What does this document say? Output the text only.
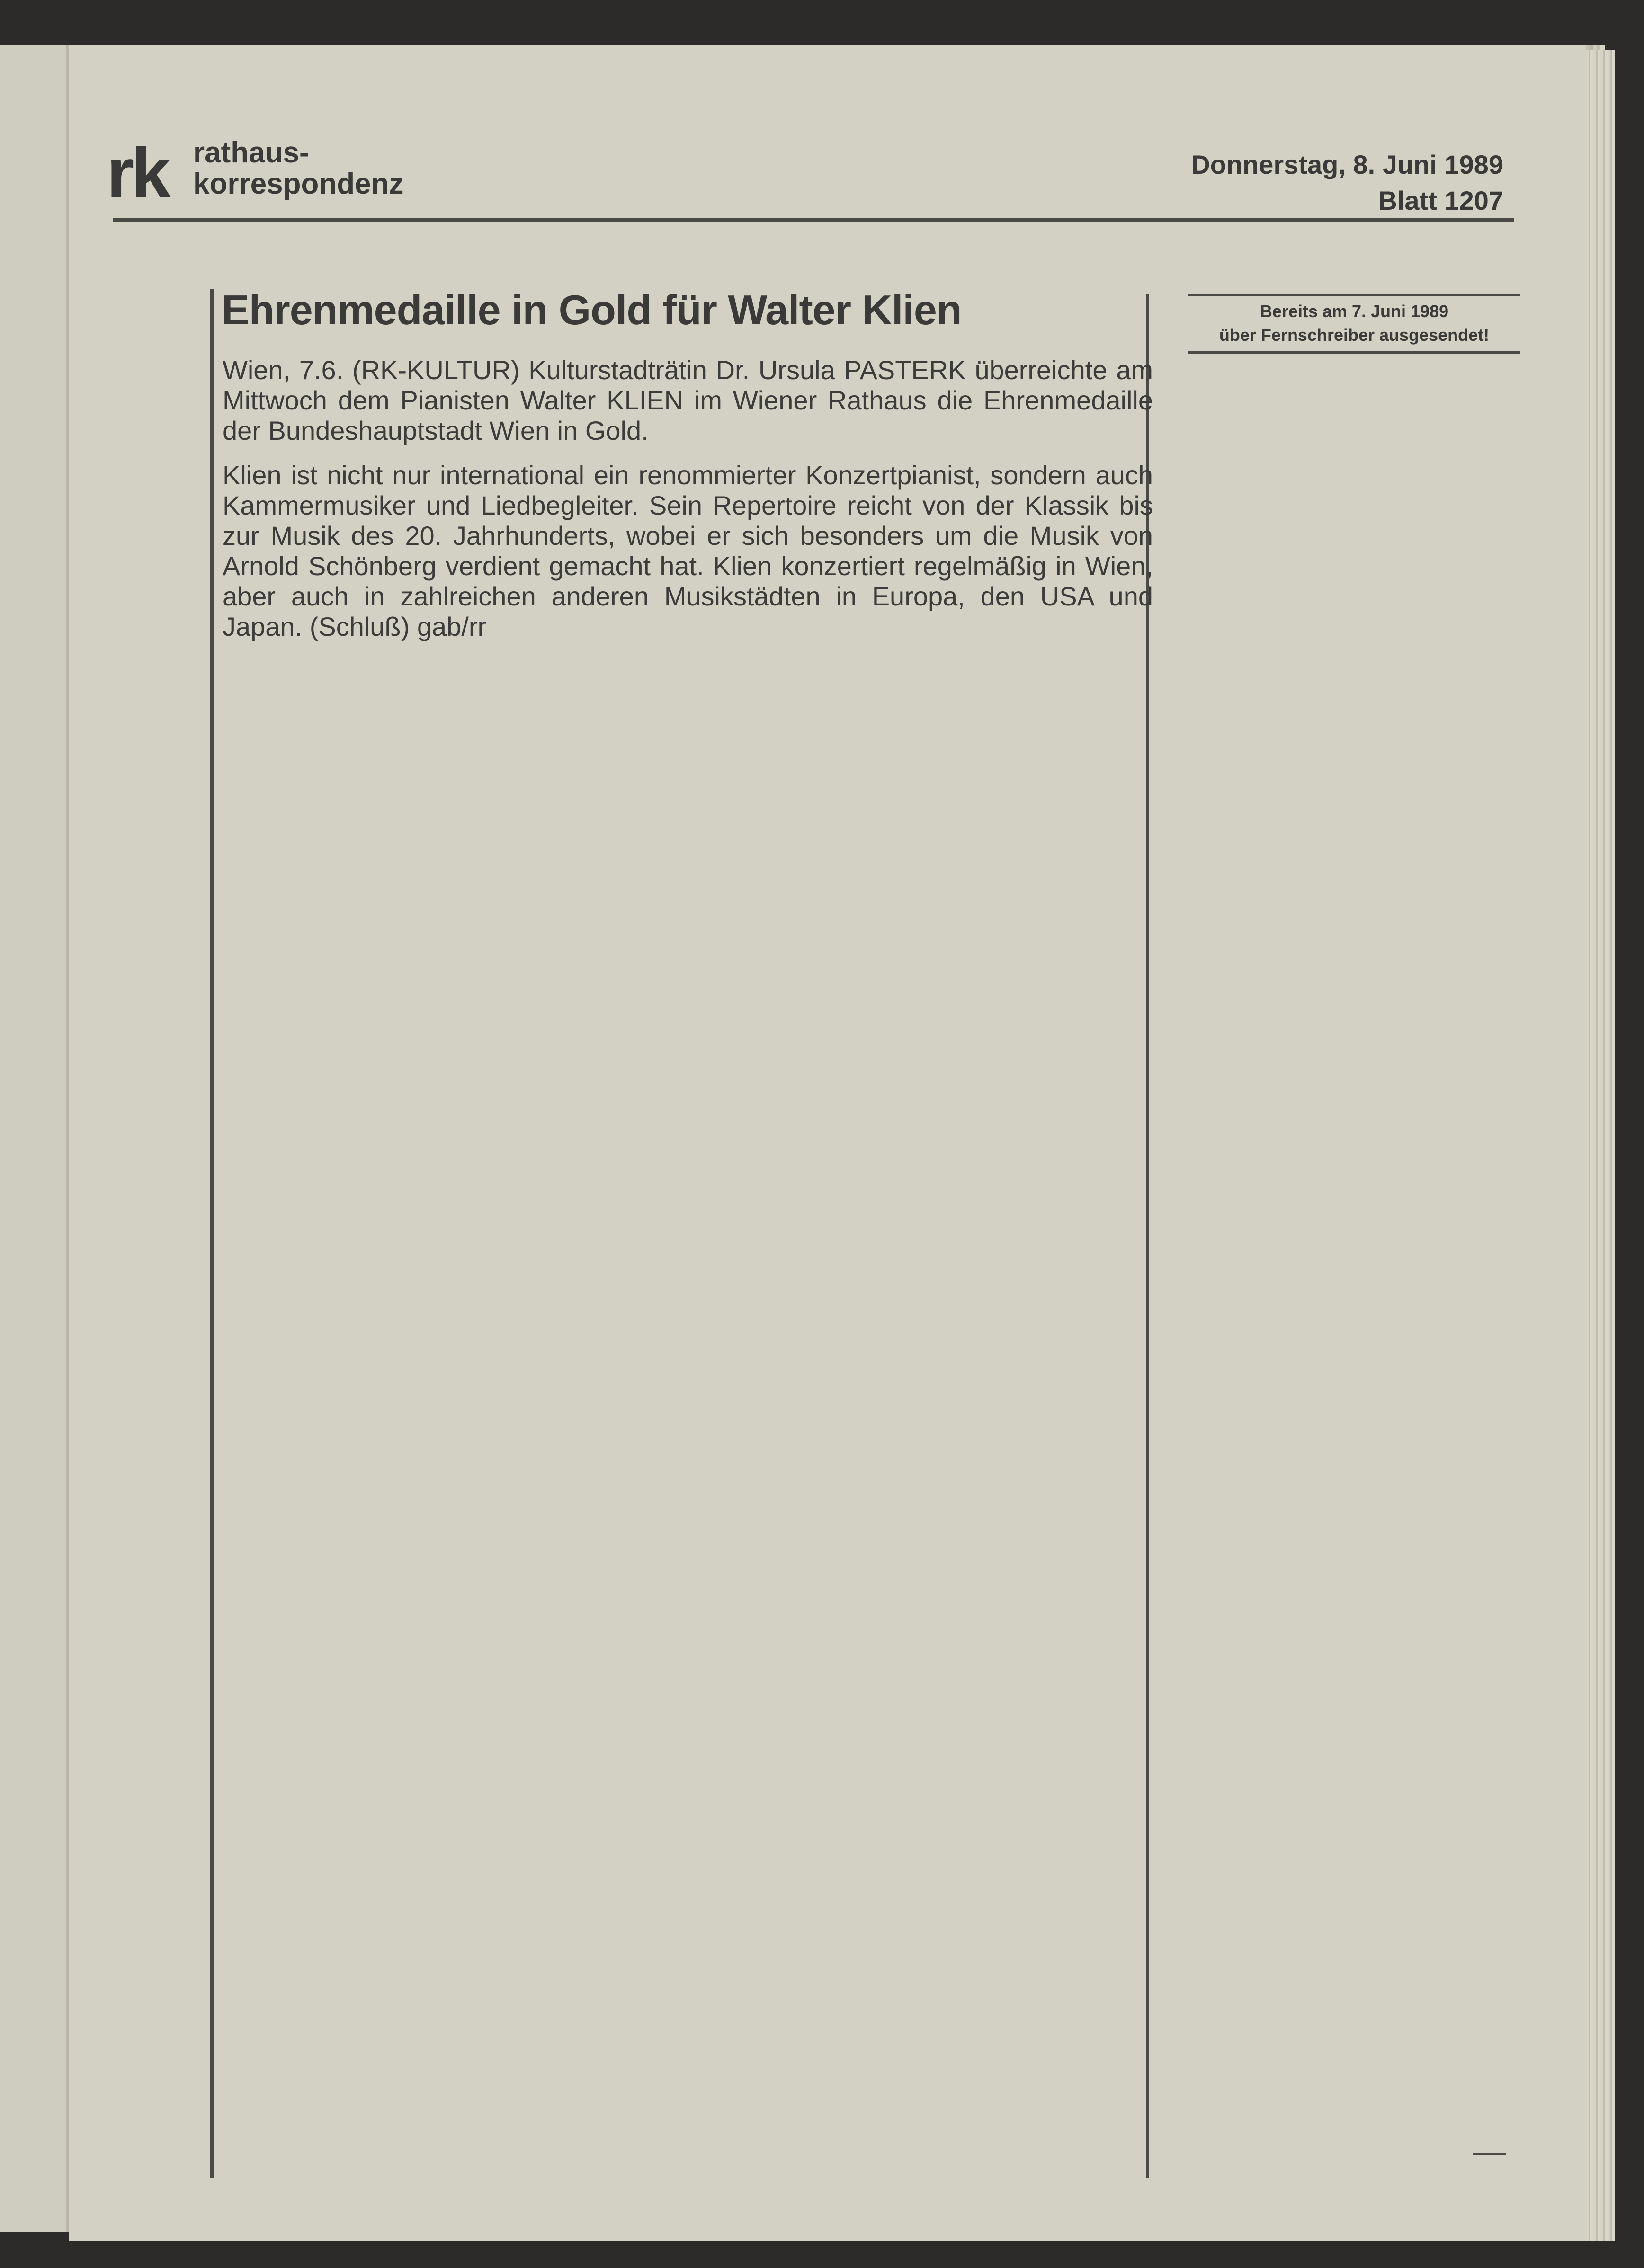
rk rathaus-
korrespondenz
Donnerstag, 8. Juni 1989
Blatt 1207
Ehrenmedaille in Gold für Walter Klien

Wien, 7.6. (RK-KULTUR) Kulturstadträtin Dr. Ursula PASTERK überreichte am Mittwoch dem Pianisten Walter KLIEN im Wiener Rathaus die Ehrenmedaille der Bundeshauptstadt Wien in Gold.

Klien ist nicht nur international ein renommierter Konzertpianist, sondern auch Kammermusiker und Liedbegleiter. Sein Repertoire reicht von der Klassik bis zur Musik des 20. Jahrhunderts, wobei er sich besonders um die Musik von Arnold Schönberg verdient gemacht hat. Klien konzertiert regelmäßig in Wien, aber auch in zahlreichen anderen Musikstädten in Europa, den USA und Japan. (Schluß) gab/rr

Bereits am 7. Juni 1989
über Fernschreiber ausgesendet!
